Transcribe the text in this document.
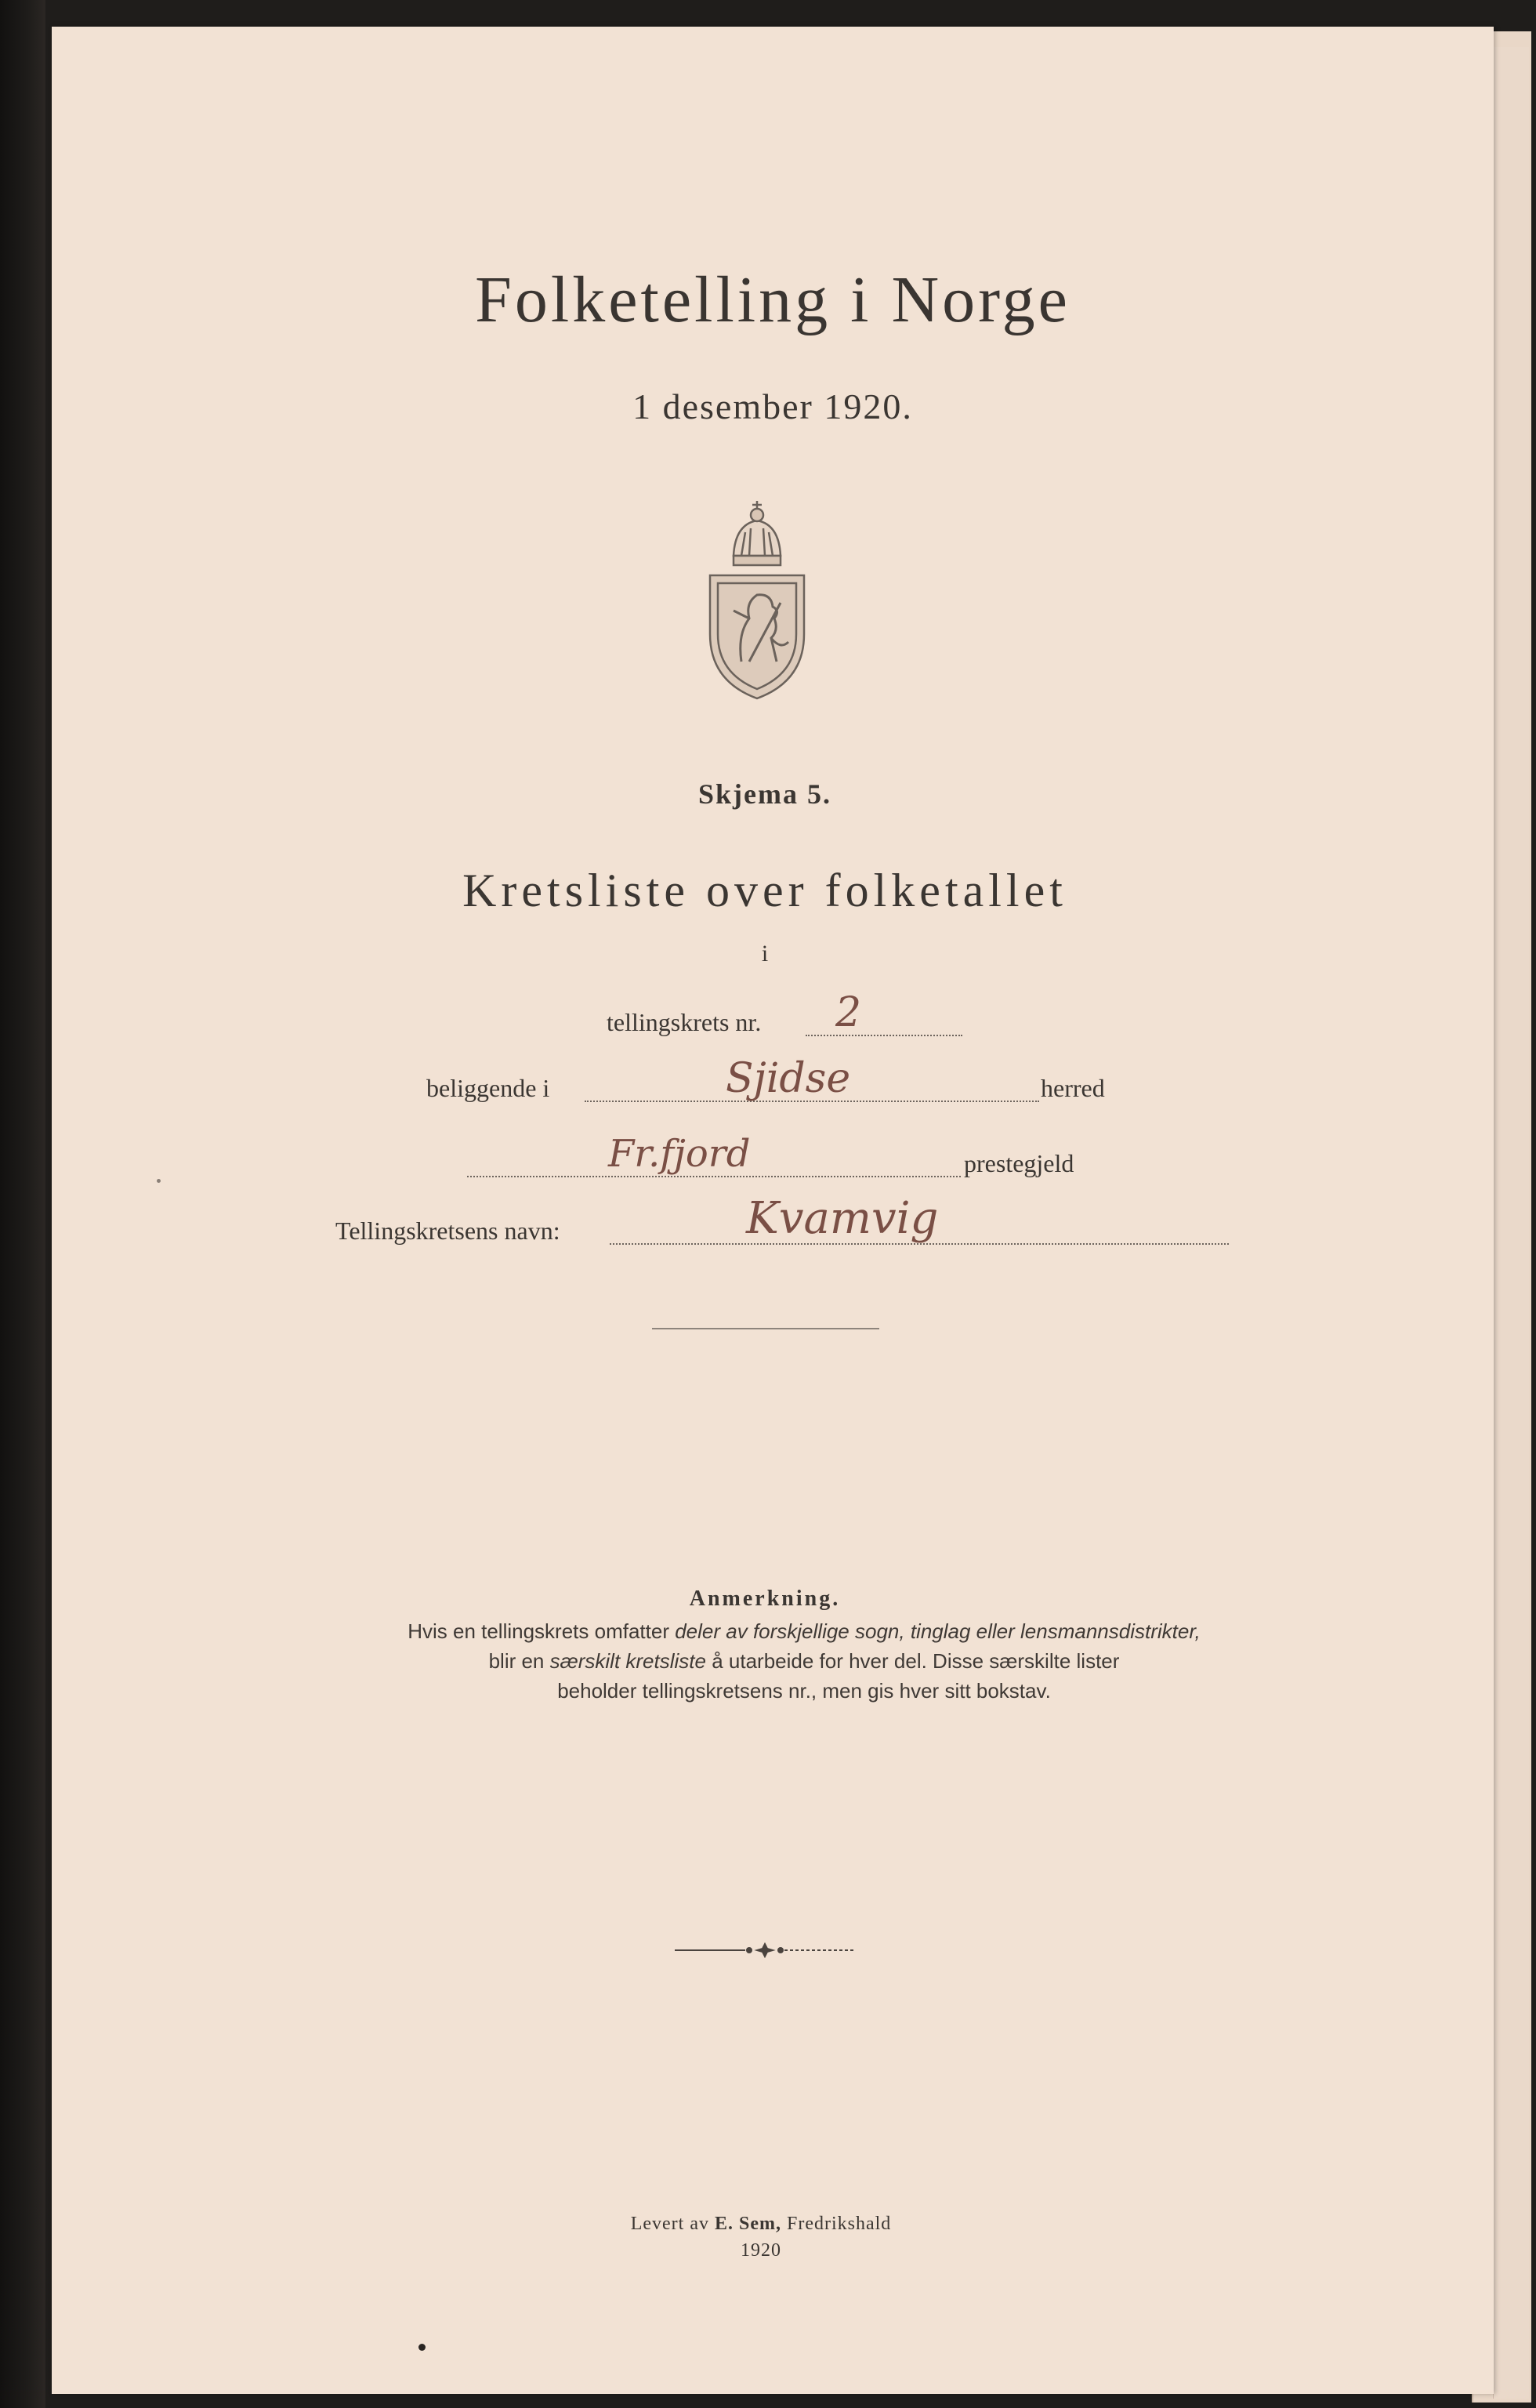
Folketelling i Norge
1 desember 1920.
Skjema 5.
Kretsliste over folketallet
i
tellingskrets nr. 2
beliggende i	Sjidse	herred
Fr.fjord	prestegjeld
Tellingskretsens navn:	Kvamvig
Anmerkning.
Hvis en tellingskrets omfatter deler av forskjellige sogn, tinglag eller lensmannsdistrikter,
blir en særskilt kretsliste å utarbeide for hver del. Disse særskilte lister
beholder tellingskretsens nr., men gis hver sitt bokstav.
Levert av E. Sem, Fredrikshald
1920
